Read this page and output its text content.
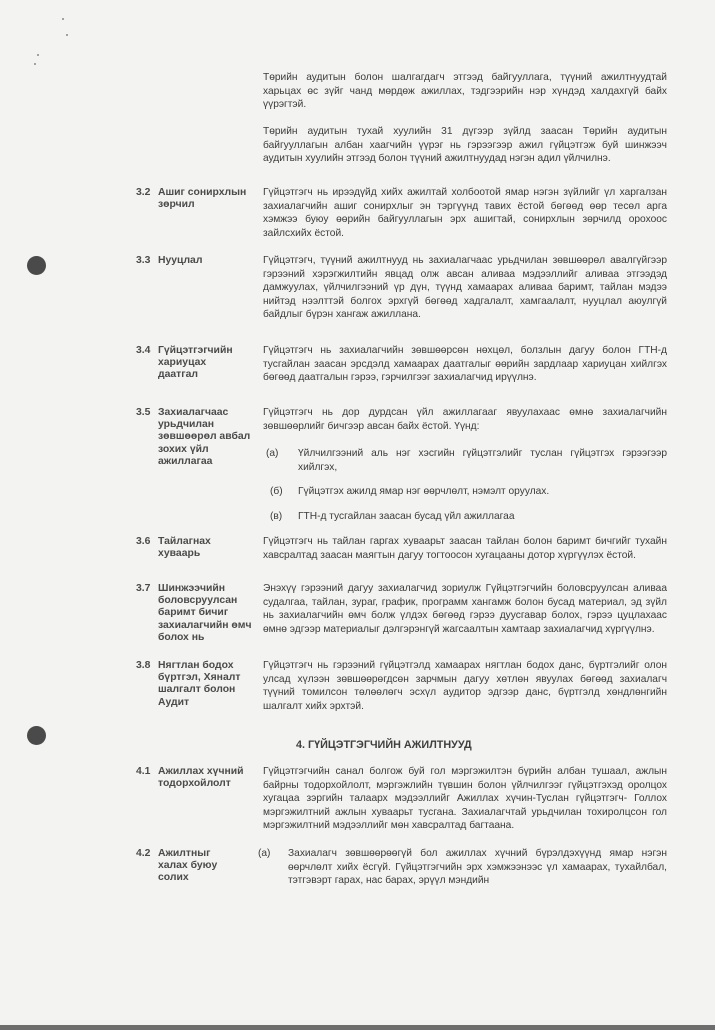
Төрийн аудитын болон шалгагдагч этгээд байгууллага, түүний ажилтнуудтай харьцах өс зүйг чанд мөрдөж ажиллах, тэдгээрийн нэр хүндэд халдахгүй байх үүрэгтэй.
Төрийн аудитын тухай хуулийн 31 дүгээр зүйлд заасан Төрийн аудитын байгууллагын албан хаагчийн үүрэг нь гэрээгээр ажил гүйцэтгэж буй шинжээч аудитын хуулийн этгээд болон түүний ажилтнуудад нэгэн адил үйлчилнэ.
3.2 Ашиг сонирхлын зөрчил
Гүйцэтгэгч нь ирээдүйд хийх ажилтай холбоотой ямар нэгэн зүйлийг үл харгалзан захиалагчийн ашиг сонирхлыг эн тэргүүнд тавих ёстой бөгөөд өөр тесөл арга хэмжээ буюу өөрийн байгууллагын эрх ашигтай, сонирхлын зөрчилд орохоос зайлсхийх ёстой.
3.3 Нууцлал	Гүйцэтгэгч, түүний ажилтнууд нь захиалагчаас урьдчилан зөвшөөрөл авалгүйгээр гэрээний хэрэгжилтийн явцад олж авсан аливаа мэдээллийг аливаа этгээдэд дамжуулах, үйлчилгээний үр дүн, түүнд хамаарах аливаа баримт, тайлан мэдээ нийтэд нээлттэй болгох эрхгүй бөгөөд хадгалалт, хамгаалалт, нууцлал аюулгүй байдлыг бүрэн хангаж ажиллана.
3.4 Гүйцэтгэгчийн хариуцах даатгал
Гүйцэтгэгч нь захиалагчийн зөвшөөрсөн нөхцөл, болзлын дагуу болон ГТН-д тусгайлан заасан эрсдэлд хамаарах даатгалыг өөрийн зардлаар хариуцан хийлгэх бөгөөд даатгалын гэрээ, гэрчилгээг захиалагчид ирүүлнэ.
3.5 Захиалагчаас урьдчилан зөвшөөрөл авбал зохих үйл ажиллагаа
Гүйцэтгэгч нь дор дурдсан үйл ажиллагааг явуулахаас өмнө захиалагчийн зөвшөөрлийг бичгээр авсан байх ёстой. Үүнд:
(а) Үйлчилгээний аль нэг хэсгийн гүйцэтгэлийг туслан гүйцэтгэх гэрээгээр хийлгэх,
(б) Гүйцэтгэх ажилд ямар нэг өөрчлөлт, нэмэлт оруулах.
(в) ГТН-д тусгайлан заасан бусад үйл ажиллагаа
3.6 Тайлагнах хуваарь
Гүйцэтгэгч нь тайлан гаргах хуваарьт заасан тайлан болон баримт бичгийг тухайн хавсралтад заасан маягтын дагуу тогтоосон хугацааны дотор хүргүүлэх ёстой.
3.7 Шинжээчийн боловсруулсан баримт бичиг захиалагчийн өмч болох нь
Энэхүү гэрээний дагуу захиалагчид зориулж Гүйцэтгэгчийн боловсруулсан аливаа судалгаа, тайлан, зураг, график, программ хангамж болон бусад материал, эд зүйл нь захиалагчийн өмч болж үлдэх бөгөөд гэрээ дуусгавар болох, гэрээ цуцлахаас өмнө эдгээр материалыг дэлгэрэнгүй жагсаалтын хамтаар захиалагчид хүргүүлнэ.
3.8 Нягтлан бодох бүртгэл, Хяналт шалгалт болон Аудит
Гүйцэтгэгч нь гэрээний гүйцэтгэлд хамаарах нягтлан бодох данс, бүртгэлийг олон улсад хүлээн зөвшөөрөгдсөн зарчмын дагуу хөтлөн явуулах бөгөөд захиалагч түүний томилсон төлөөлөгч эсхүл аудитор эдгээр данс, бүртгэлд хөндлөнгийн шалгалт хийх эрхтэй.
4. ГҮЙЦЭТГЭГЧИЙН АЖИЛТНУУД
4.1 Ажиллах хүчний тодорхойлолт
Гүйцэтгэгчийн санал болгож буй гол мэргэжилтэн бүрийн албан тушаал, ажлын байрны тодорхойлолт, мэргэжлийн түвшин болон үйлчилгээг гүйцэтгэхэд оролцох хугацаа зэргийн талаарх мэдээллийг Ажиллах хүчин-Туслан гүйцэтгэгч- Голлох мэргэжилтний ажлын хуваарьт тусгана. Захиалагчтай урьдчилан тохиролцсон гол мэргэжилтний мэдээллийг мөн хавсралтад багтаана.
4.2 Ажилтныг халах буюу солих
(а) Захиалагч зөвшөөрөөгүй бол ажиллах хүчний бүрэлдэхүүнд ямар нэгэн өөрчлөлт хийх ёсгүй. Гүйцэтгэгчийн эрх хэмжээнээс үл хамаарах, тухайлбал, тэтгэвэрт гарах, нас барах, эрүүл мэндийн
